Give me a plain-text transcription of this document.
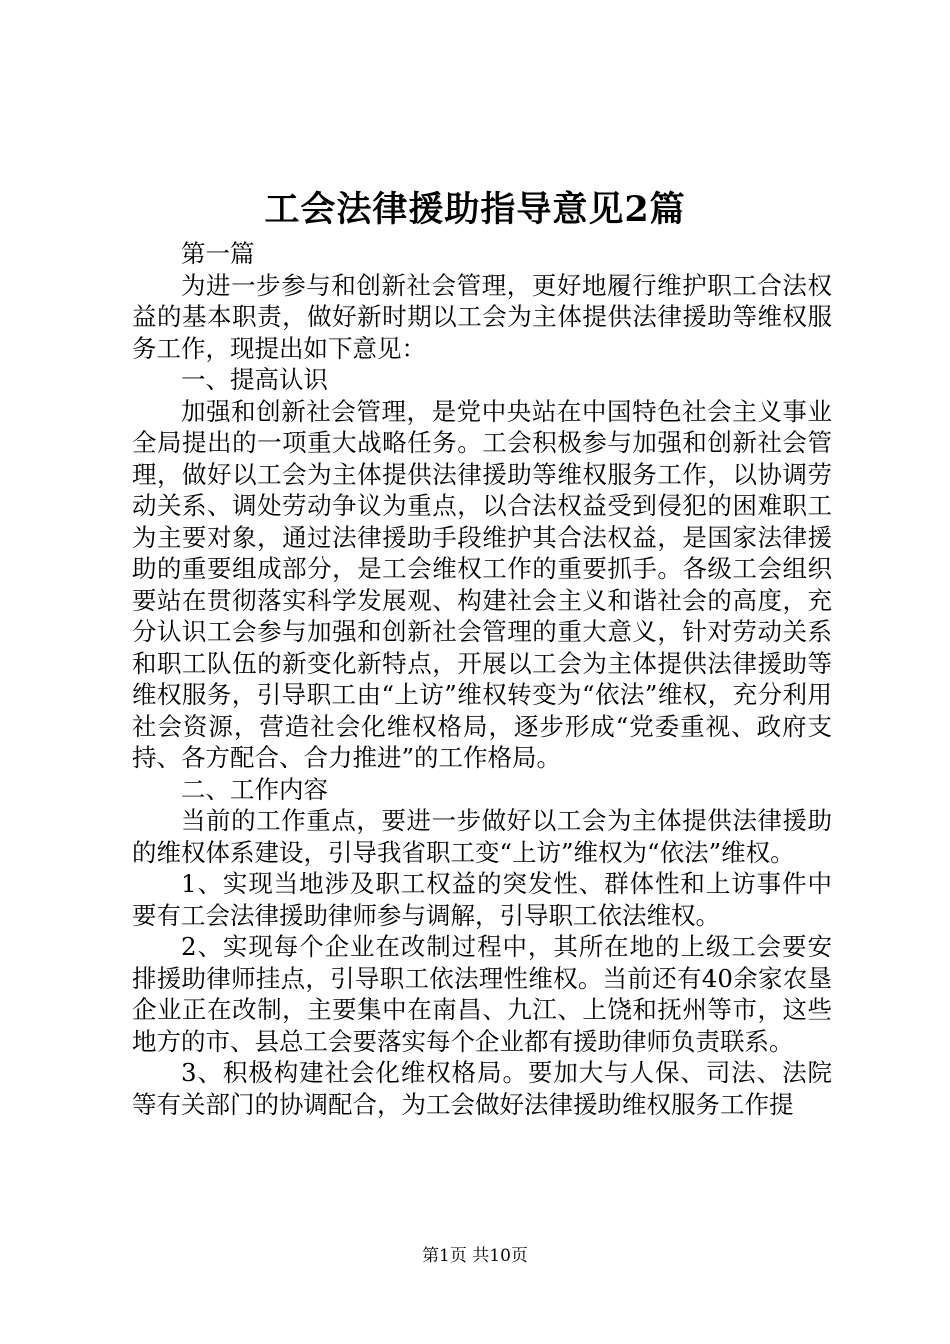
工会法律援助指导意见2篇

第一篇

为进一步参与和创新社会管理，更好地履行维护职工合法权益的基本职责，做好新时期以工会为主体提供法律援助等维权服务工作，现提出如下意见：

一、提高认识

加强和创新社会管理，是党中央站在中国特色社会主义事业全局提出的一项重大战略任务。工会积极参与加强和创新社会管理，做好以工会为主体提供法律援助等维权服务工作，以协调劳动关系、调处劳动争议为重点，以合法权益受到侵犯的困难职工为主要对象，通过法律援助手段维护其合法权益，是国家法律援助的重要组成部分，是工会维权工作的重要抓手。各级工会组织要站在贯彻落实科学发展观、构建社会主义和谐社会的高度，充分认识工会参与加强和创新社会管理的重大意义，针对劳动关系和职工队伍的新变化新特点，开展以工会为主体提供法律援助等维权服务，引导职工由“上访”维权转变为“依法”维权，充分利用社会资源，营造社会化维权格局，逐步形成“党委重视、政府支持、各方配合、合力推进”的工作格局。

二、工作内容

当前的工作重点，要进一步做好以工会为主体提供法律援助的维权体系建设，引导我省职工变“上访”维权为“依法”维权。

1、实现当地涉及职工权益的突发性、群体性和上访事件中要有工会法律援助律师参与调解，引导职工依法维权。

2、实现每个企业在改制过程中，其所在地的上级工会要安排援助律师挂点，引导职工依法理性维权。当前还有40余家农垦企业正在改制，主要集中在南昌、九江、上饶和抚州等市，这些地方的市、县总工会要落实每个企业都有援助律师负责联系。

3、积极构建社会化维权格局。要加大与人保、司法、法院等有关部门的协调配合，为工会做好法律援助维权服务工作提

第1页 共10页
